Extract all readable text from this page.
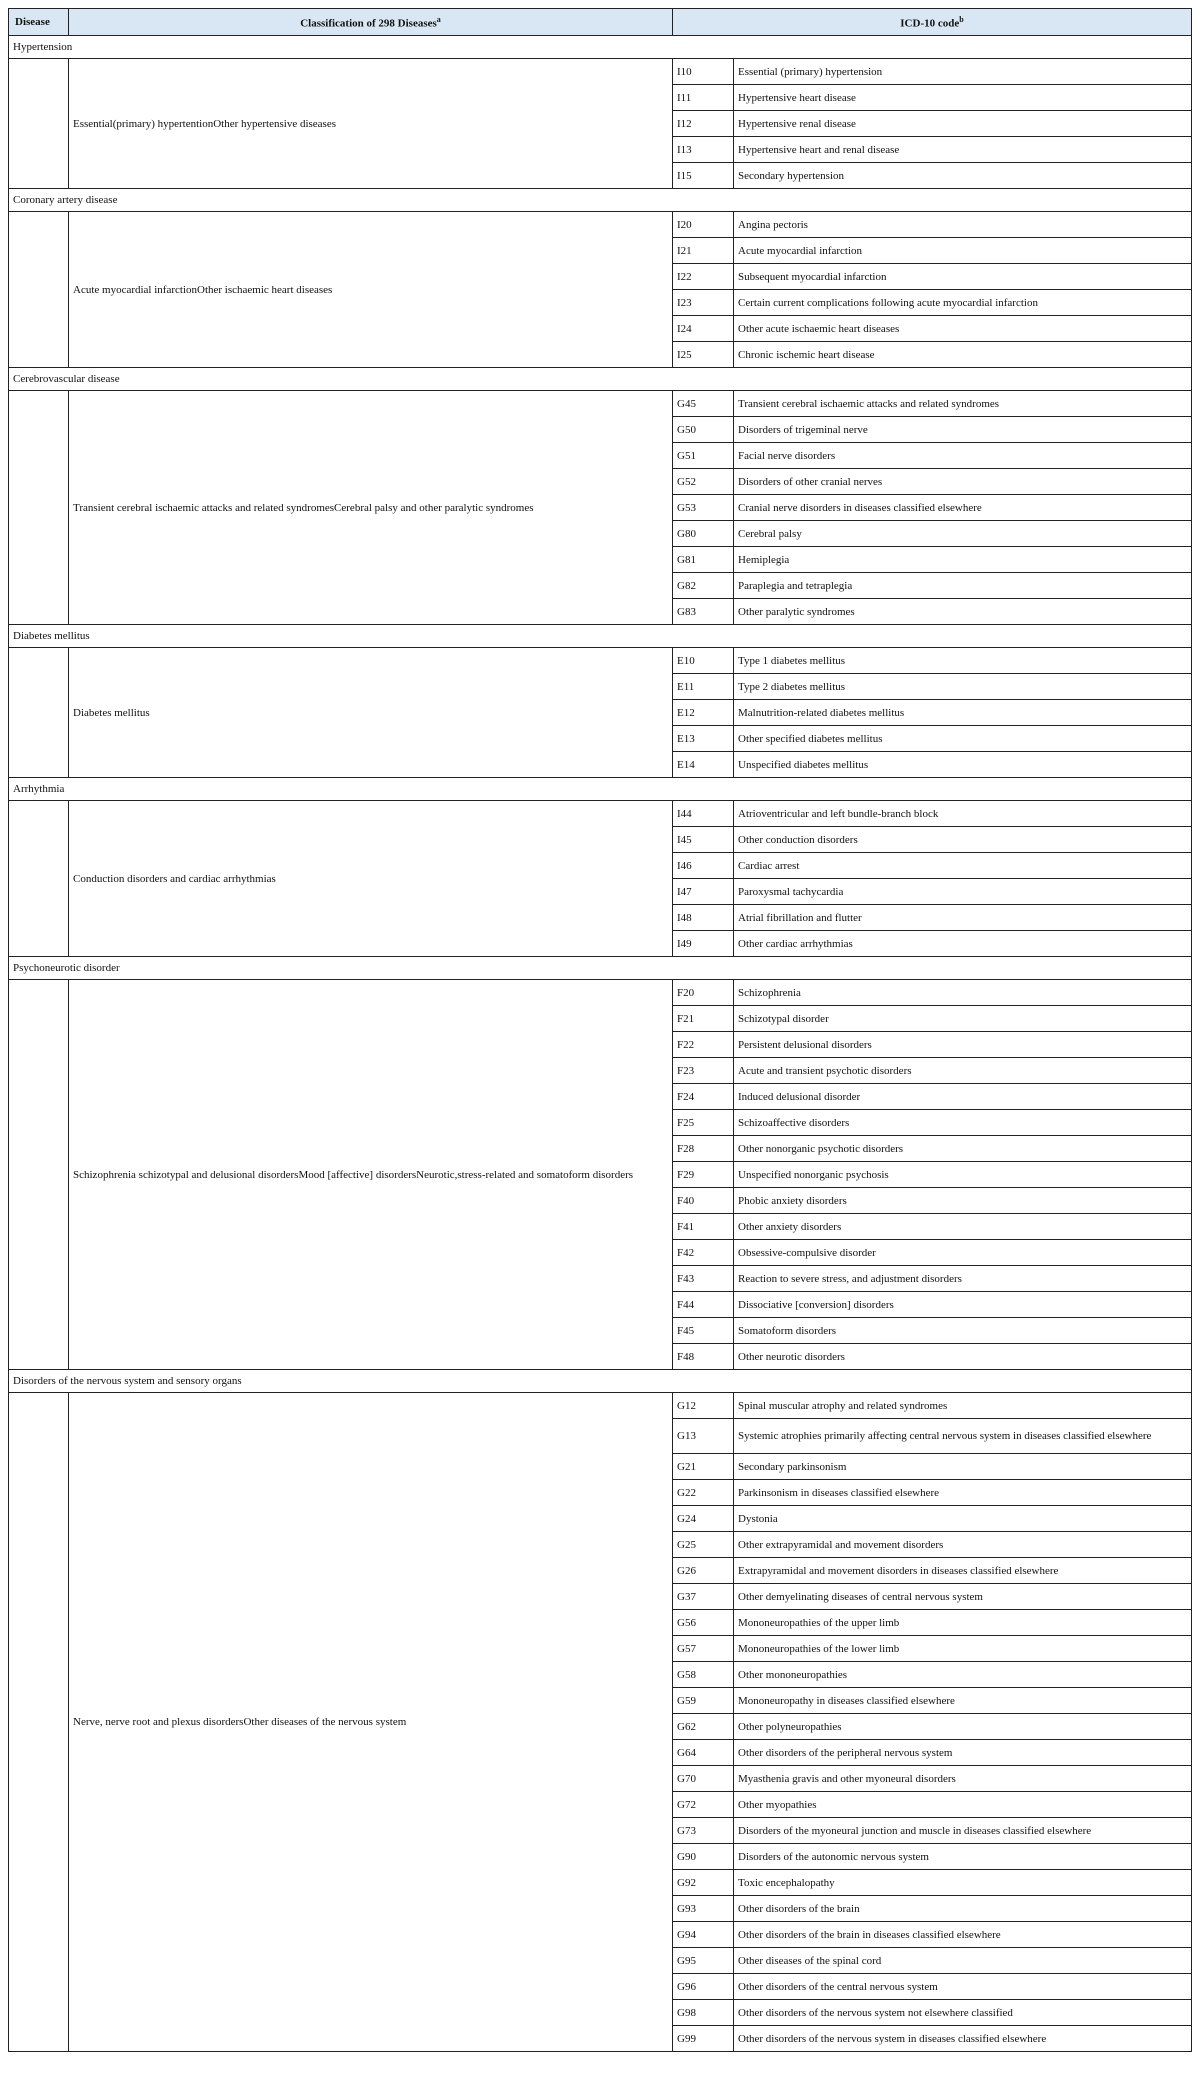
Disease	Classification of 298 Diseases$^a$	ICD-10 code$^b$
Hypertension			
	Essential(primary) hypertentionOther hypertensive diseases	I10	Essential (primary) hypertension
		I11	Hypertensive heart disease
		I12	Hypertensive renal disease
		I13	Hypertensive heart and renal disease
		I15	Secondary hypertension
Coronary artery disease			
	Acute myocardial infarctionOther ischaemic heart diseases	I20	Angina pectoris
		I21	Acute myocardial infarction
		I22	Subsequent myocardial infarction
		I23	Certain current complications following acute myocardial infarction
		I24	Other acute ischaemic heart diseases
		I25	Chronic ischemic heart disease
Cerebrovascular disease			
	Transient cerebral ischaemic attacks and related syndromesCerebral palsy and other paralytic syndromes	G45	Transient cerebral ischaemic attacks and related syndromes
		G50	Disorders of trigeminal nerve
		G51	Facial nerve disorders
		G52	Disorders of other cranial nerves
		G53	Cranial nerve disorders in diseases classified elsewhere
		G80	Cerebral palsy
		G81	Hemiplegia
		G82	Paraplegia and tetraplegia
		G83	Other paralytic syndromes
Diabetes mellitus			
	Diabetes mellitus	E10	Type 1 diabetes mellitus
		E11	Type 2 diabetes mellitus
		E12	Malnutrition-related diabetes mellitus
		E13	Other specified diabetes mellitus
		E14	Unspecified diabetes mellitus
Arrhythmia			
	Conduction disorders and cardiac arrhythmias	I44	Atrioventricular and left bundle-branch block
		I45	Other conduction disorders
		I46	Cardiac arrest
		I47	Paroxysmal tachycardia
		I48	Atrial fibrillation and flutter
		I49	Other cardiac arrhythmias
Psychoneurotic disorder			
	Schizophrenia schizotypal and delusional disordersMood [affective] disordersNeurotic,stress-related and somatoform disorders	F20	Schizophrenia
		F21	Schizotypal disorder
		F22	Persistent delusional disorders
		F23	Acute and transient psychotic disorders
		F24	Induced delusional disorder
		F25	Schizoaffective disorders
		F28	Other nonorganic psychotic disorders
		F29	Unspecified nonorganic psychosis
		F40	Phobic anxiety disorders
		F41	Other anxiety disorders
		F42	Obsessive-compulsive disorder
		F43	Reaction to severe stress, and adjustment disorders
		F44	Dissociative [conversion] disorders
		F45	Somatoform disorders
		F48	Other neurotic disorders
Disorders of the nervous system and sensory organs			
	Nerve, nerve root and plexus disordersOther diseases of the nervous system	G12	Spinal muscular atrophy and related syndromes
		G13	Systemic atrophies primarily affecting central nervous system in diseases classified elsewhere
		G21	Secondary parkinsonism
		G22	Parkinsonism in diseases classified elsewhere
		G24	Dystonia
		G25	Other extrapyramidal and movement disorders
		G26	Extrapyramidal and movement disorders in diseases classified elsewhere
		G37	Other demyelinating diseases of central nervous system
		G56	Mononeuropathies of the upper limb
		G57	Mononeuropathies of the lower limb
		G58	Other mononeuropathies
		G59	Mononeuropathy in diseases classified elsewhere
		G62	Other polyneuropathies
		G64	Other disorders of the peripheral nervous system
		G70	Myasthenia gravis and other myoneural disorders
		G72	Other myopathies
		G73	Disorders of the myoneural junction and muscle in diseases classified elsewhere
		G90	Disorders of the autonomic nervous system
		G92	Toxic encephalopathy
		G93	Other disorders of the brain
		G94	Other disorders of the brain in diseases classified elsewhere
		G95	Other diseases of the spinal cord
		G96	Other disorders of the central nervous system
		G98	Other disorders of the nervous system not elsewhere classified
		G99	Other disorders of the nervous system in diseases classified elsewhere
